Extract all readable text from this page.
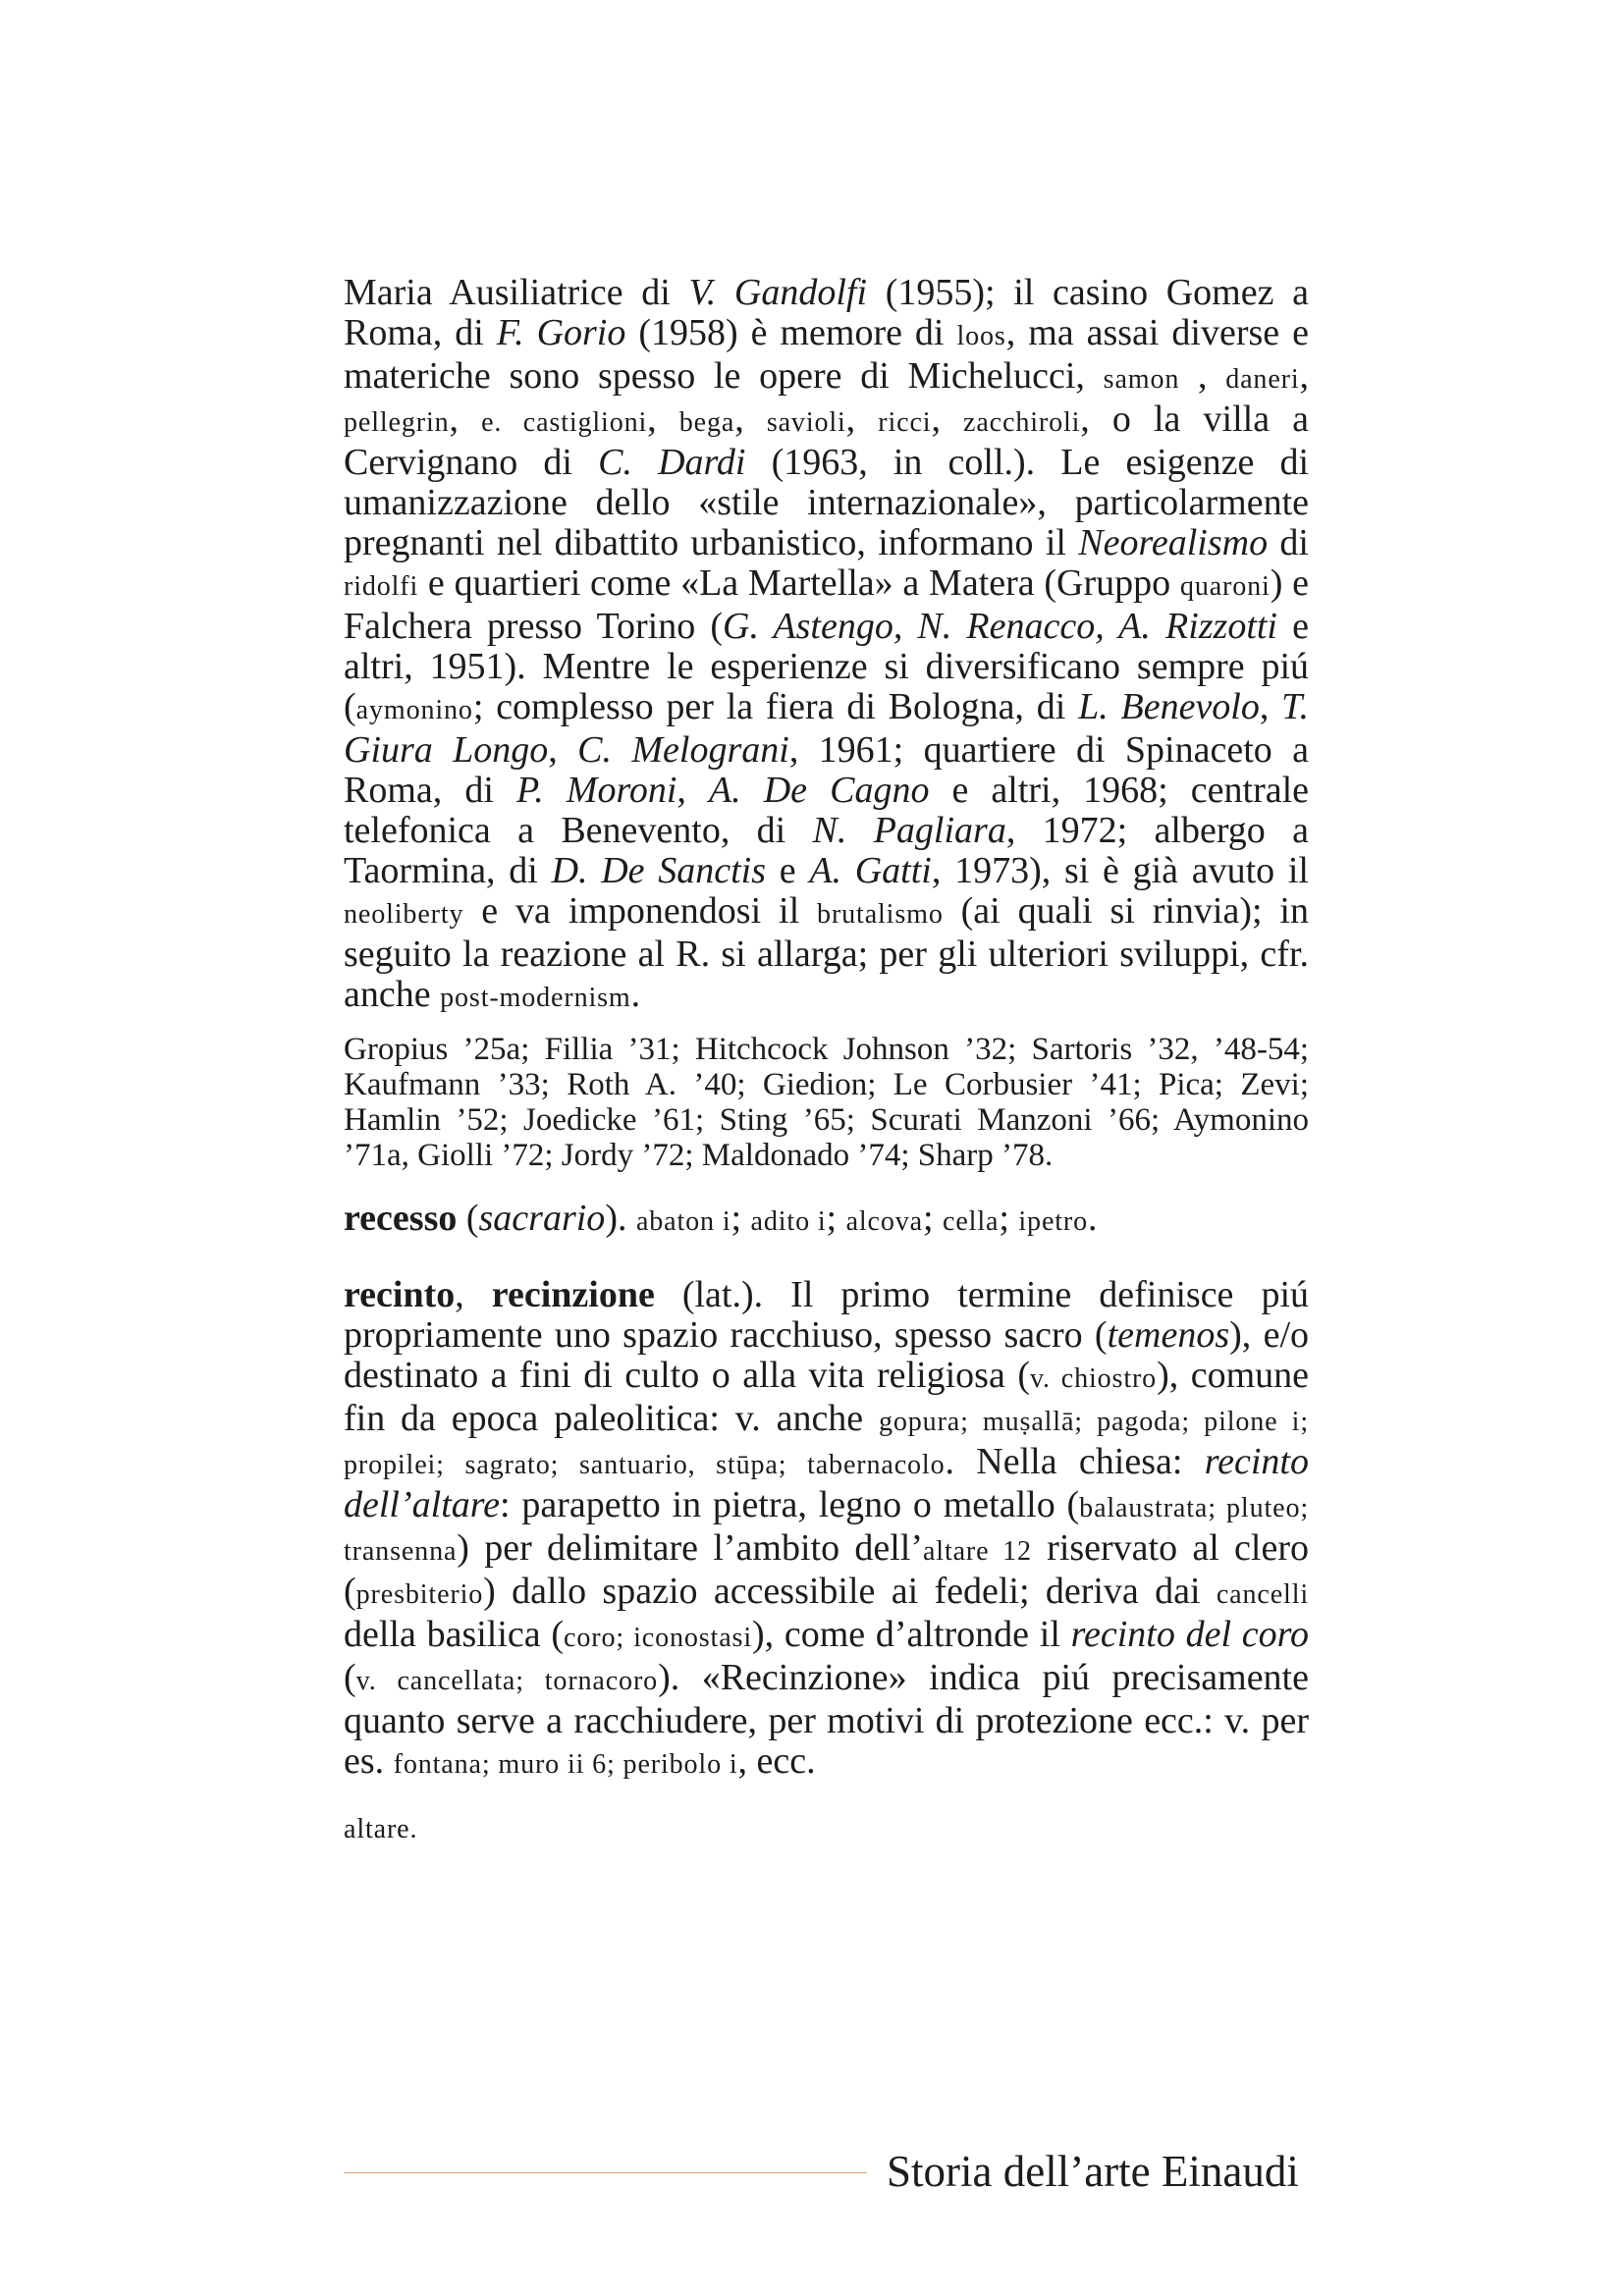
Maria Ausiliatrice di V. Gandolfi (1955); il casino Gomez a Roma, di F. Gorio (1958) è memore di loos, ma assai diverse e materiche sono spesso le opere di Michelucci, samon , daneri, pellegrin, e. castiglioni, bega, savioli, ricci, zacchiroli, o la villa a Cervignano di C. Dardi (1963, in coll.). Le esigenze di umanizzazione dello «stile internazionale», particolarmente pregnanti nel dibattito urbanistico, informano il Neorealismo di ridolfi e quartieri come «La Martella» a Matera (Gruppo quaroni) e Falchera presso Torino (G. Astengo, N. Renacco, A. Rizzotti e altri, 1951). Mentre le esperienze si diversificano sempre piú (aymonino; complesso per la fiera di Bologna, di L. Benevolo, T. Giura Longo, C. Melograni, 1961; quartiere di Spinaceto a Roma, di P. Moroni, A. De Cagno e altri, 1968; centrale telefonica a Benevento, di N. Pagliara, 1972; albergo a Taormina, di D. De Sanctis e A. Gatti, 1973), si è già avuto il neoliberty e va imponendosi il brutalismo (ai quali si rinvia); in seguito la reazione al R. si allarga; per gli ulteriori sviluppi, cfr. anche post-modernism.

Gropius ’25a; Fillia ’31; Hitchcock Johnson ’32; Sartoris ’32, ’48-54; Kaufmann ’33; Roth A. ’40; Giedion; Le Corbusier ’41; Pica; Zevi; Hamlin ’52; Joedicke ’61; Sting ’65; Scurati Manzoni ’66; Aymonino ’71a, Giolli ’72; Jordy ’72; Maldonado ’74; Sharp ’78.

recesso (sacrario). abaton i; adito i; alcova; cella; ipetro.

recinto, recinzione (lat.). Il primo termine definisce piú propriamente uno spazio racchiuso, spesso sacro (temenos), e/o destinato a fini di culto o alla vita religiosa (v. chiostro), comune fin da epoca paleolitica: v. anche gopura; muṣallā; pagoda; pilone i; propilei; sagrato; santuario, stūpa; tabernacolo. Nella chiesa: recinto dell’altare: parapetto in pietra, legno o metallo (balaustrata; pluteo; transenna) per delimitare l’ambito dell’altare 12 riservato al clero (presbiterio) dallo spazio accessibile ai fedeli; deriva dai cancelli della basilica (coro; iconostasi), come d’altronde il recinto del coro (v. cancellata; tornacoro). «Recinzione» indica piú precisamente quanto serve a racchiudere, per motivi di protezione ecc.: v. per es. fontana; muro ii 6; peribolo i, ecc.

altare.

Storia dell’arte Einaudi
